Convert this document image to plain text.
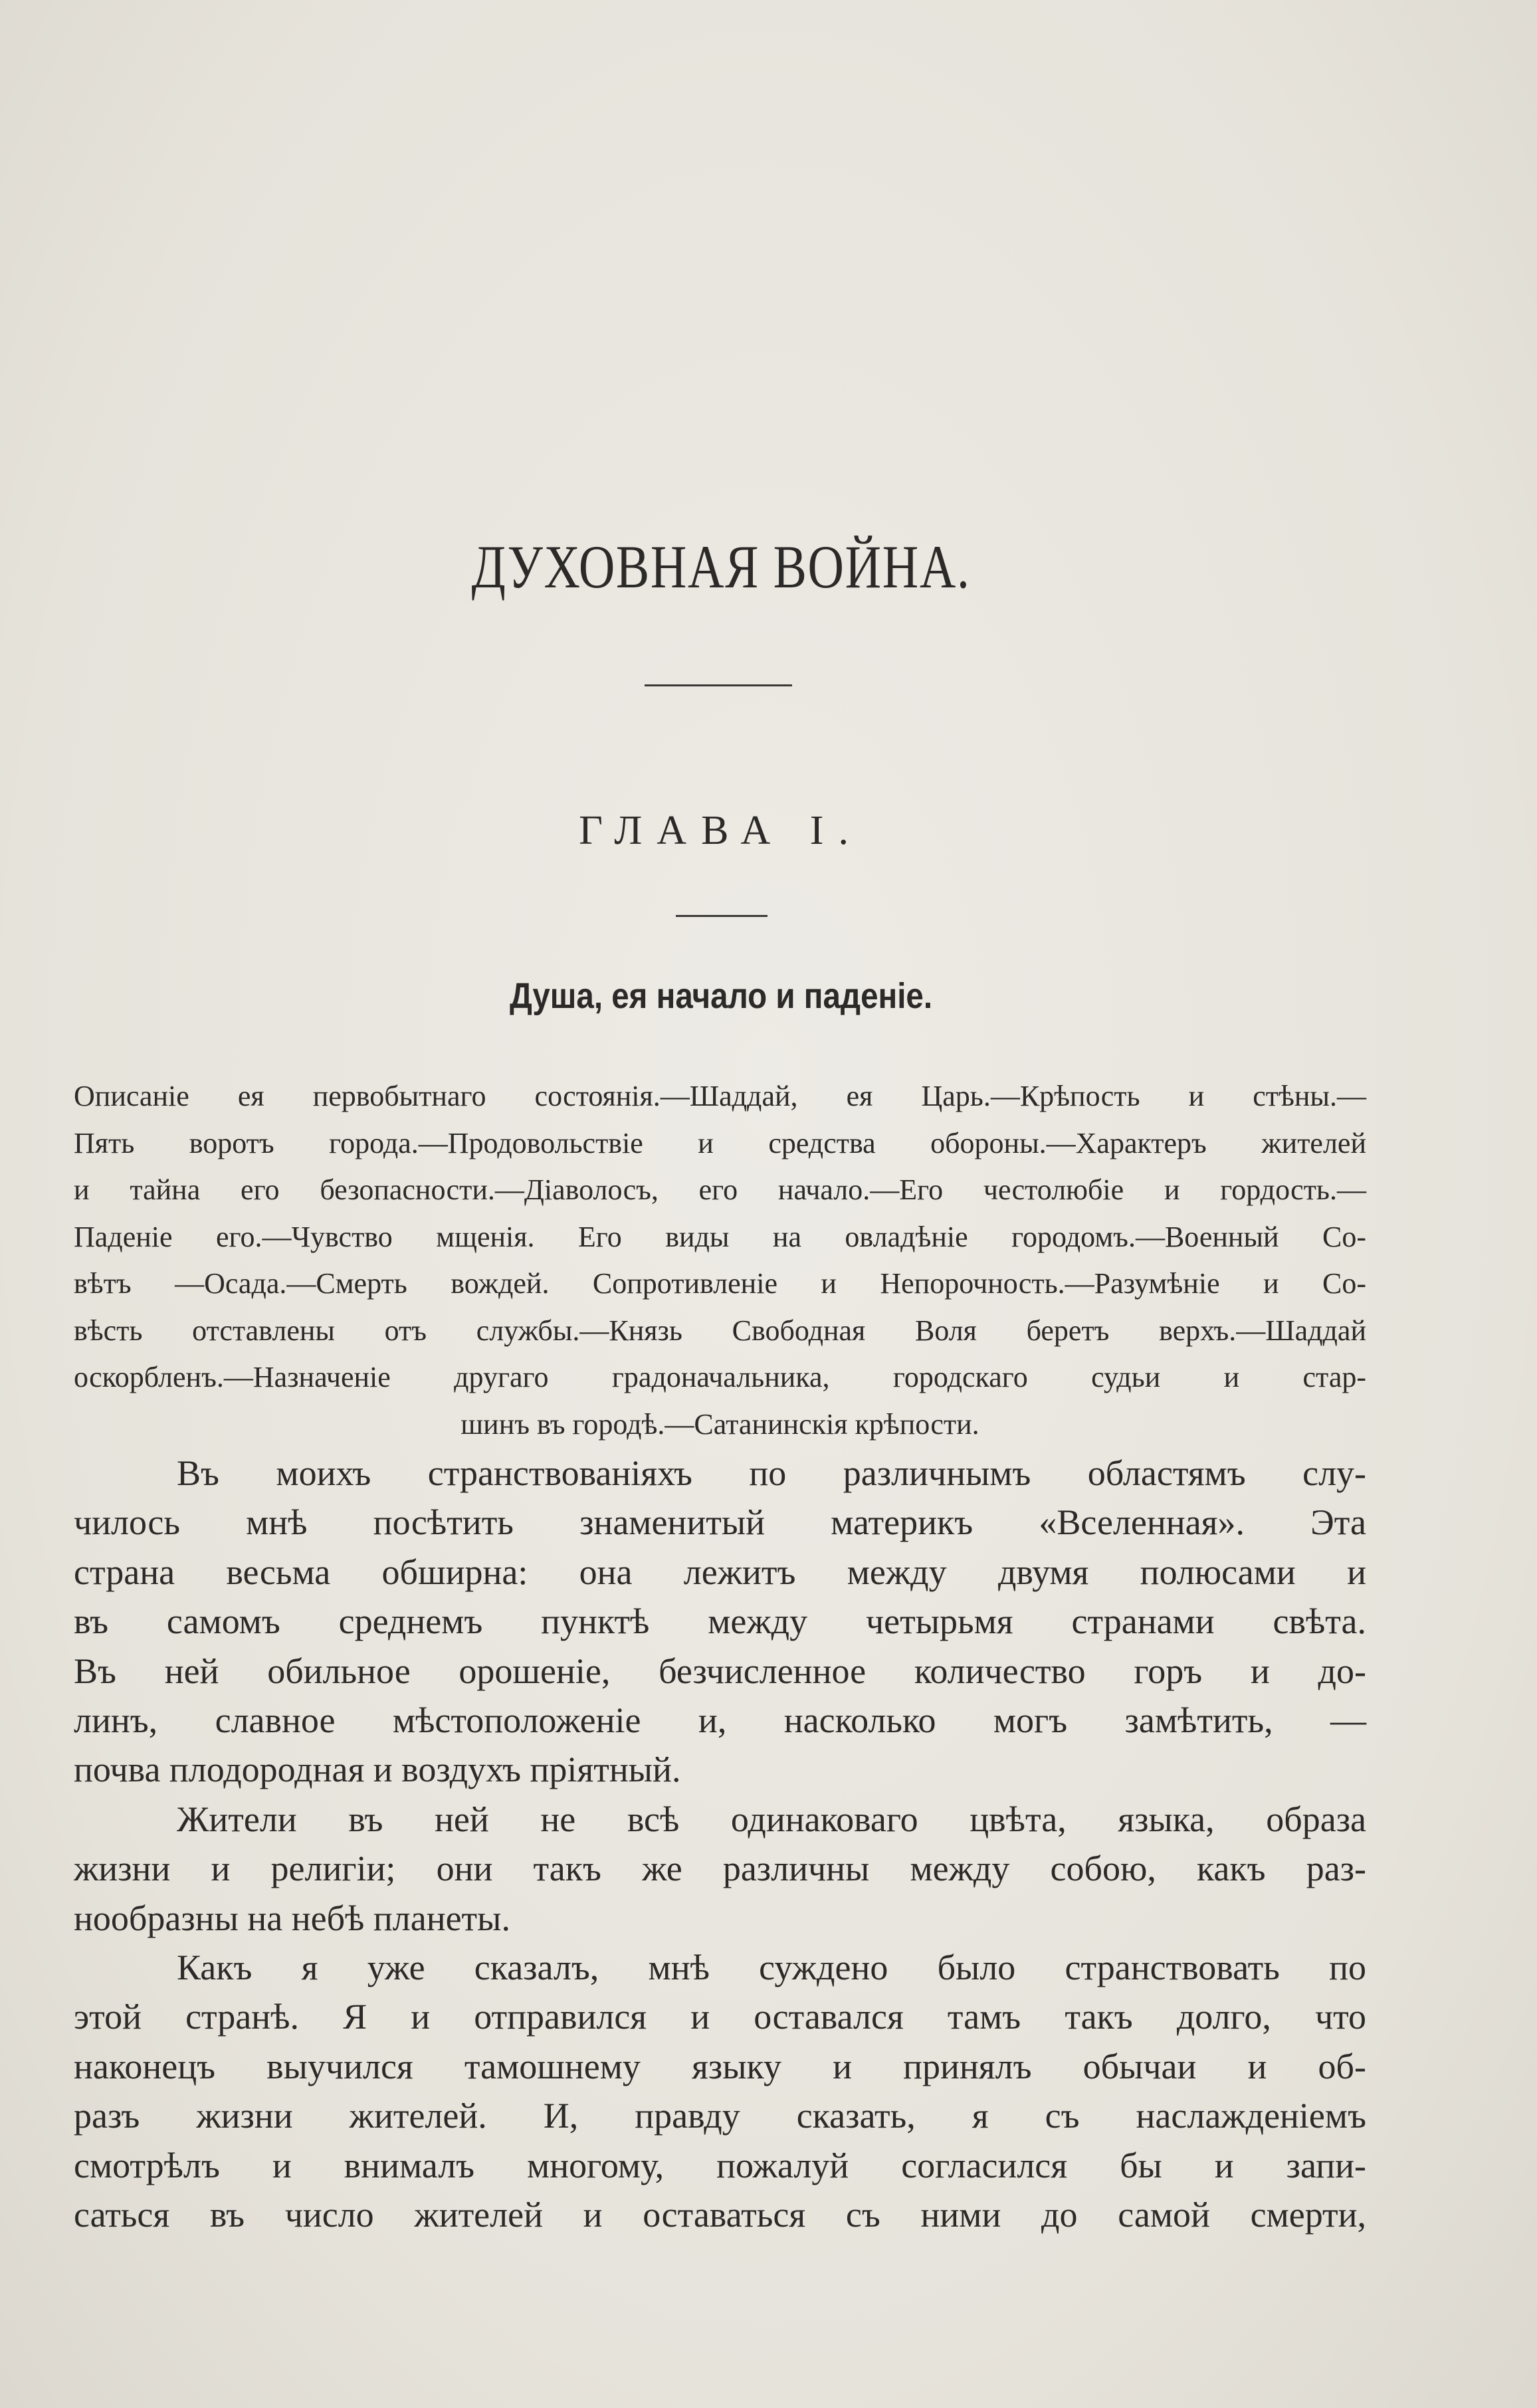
ДУХОВНАЯ ВОЙНА.
ГЛАВА I.
Душа, ея начало и паденіе.
Описаніе ея первобытнаго состоянія.—Шаддай, ея Царь.—Крѣпость и стѣны.—
Пять воротъ города.—Продовольствіе и средства обороны.—Характеръ жителей
и тайна его безопасности.—Діаволосъ, его начало.—Его честолюбіе и гордость.—
Паденіе его.—Чувство мщенія. Его виды на овладѣніе городомъ.—Военный Со-
вѣтъ —Осада.—Смерть вождей. Сопротивленіе и Непорочность.—Разумѣніе и Со-
вѣсть отставлены отъ службы.—Князь Свободная Воля беретъ верхъ.—Шаддай
оскорбленъ.—Назначеніе другаго градоначальника, городскаго судьи и стар-
шинъ въ городѣ.—Сатанинскія крѣпости.
Въ моихъ странствованіяхъ по различнымъ областямъ слу-
чилось мнѣ посѣтить знаменитый материкъ «Вселенная». Эта
страна весьма обширна: она лежитъ между двумя полюсами и
въ самомъ среднемъ пунктѣ между четырьмя странами свѣта.
Въ ней обильное орошеніе, безчисленное количество горъ и до-
линъ, славное мѣстоположеніе и, насколько могъ замѣтить, —
почва плодородная и воздухъ пріятный.
Жители въ ней не всѣ одинаковаго цвѣта, языка, образа
жизни и религіи; они такъ же различны между собою, какъ раз-
нообразны на небѣ планеты.
Какъ я уже сказалъ, мнѣ суждено было странствовать по
этой странѣ. Я и отправился и оставался тамъ такъ долго, что
наконецъ выучился тамошнему языку и принялъ обычаи и об-
разъ жизни жителей. И, правду сказать, я съ наслажденіемъ
смотрѣлъ и внималъ многому, пожалуй согласился бы и запи-
саться въ число жителей и оставаться съ ними до самой смерти,
